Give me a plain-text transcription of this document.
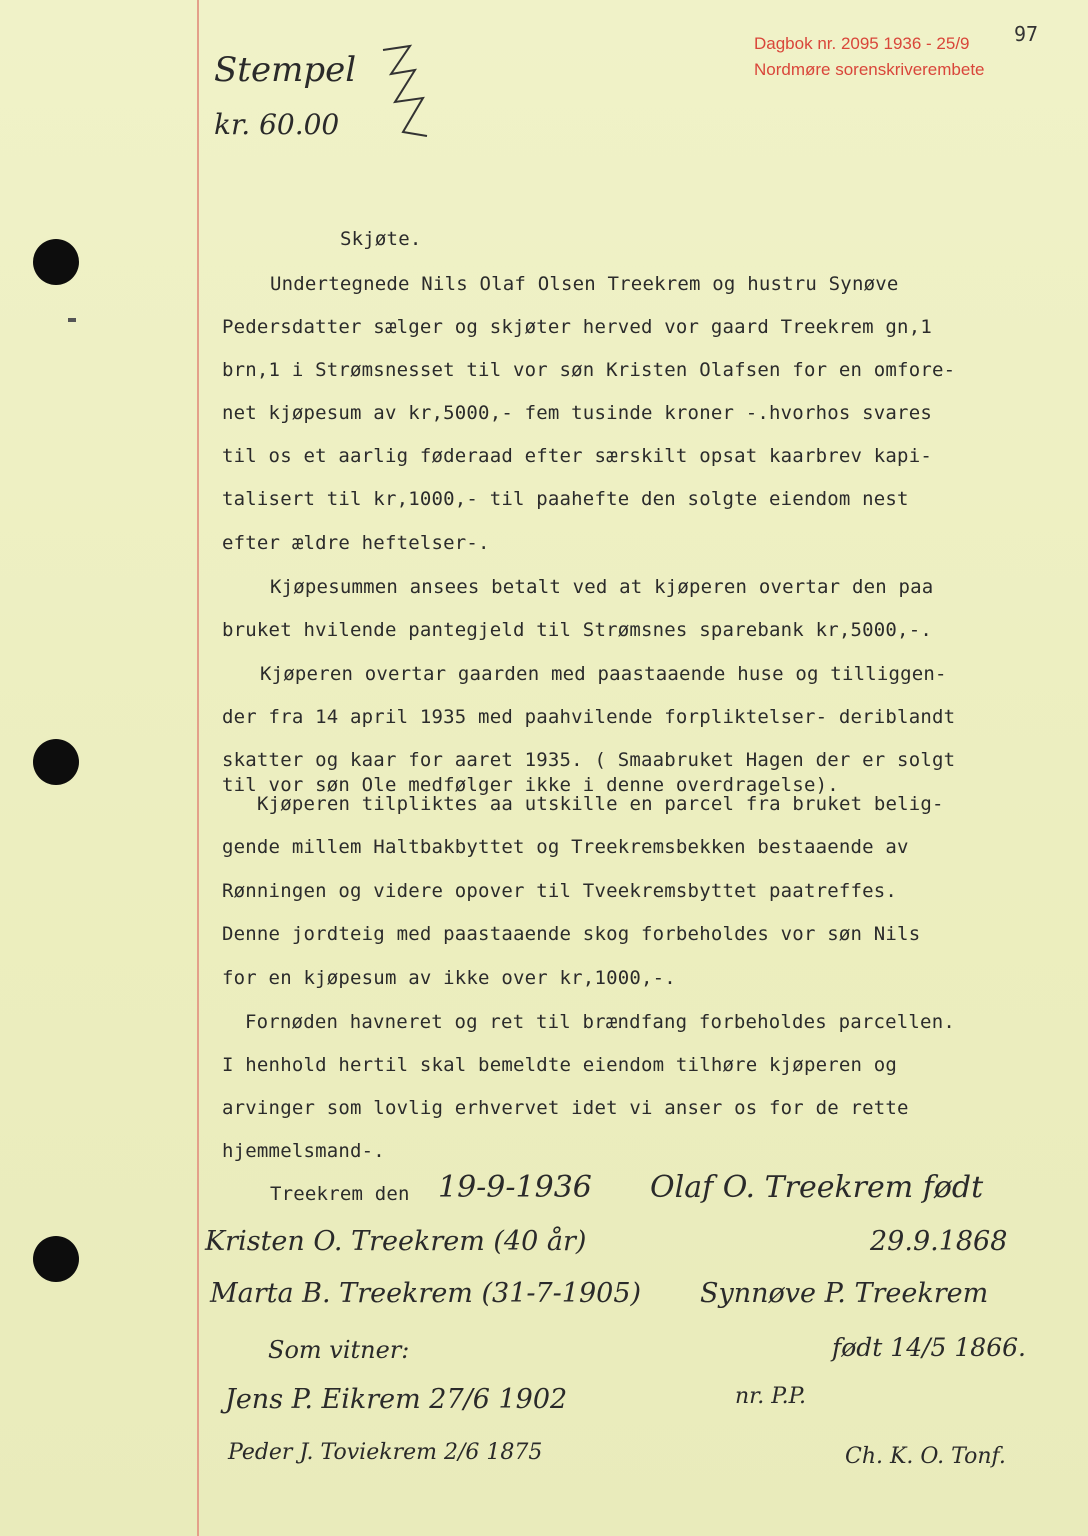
Dagbok nr. 2095 1936 - 25/9
Nordmøre sorenskriverembete
97
Stempel
kr. 60.00
Skjøte.
Undertegnede Nils Olaf Olsen Treekrem og hustru Synøve
Pedersdatter sælger og skjøter herved vor gaard Treekrem gn,1
brn,1 i Strømsnesset til vor søn Kristen Olafsen for en omfore-
net kjøpesum av kr,5000,- fem tusinde kroner -.hvorhos svares
til os et aarlig føderaad efter særskilt opsat kaarbrev kapi-
talisert til kr,1000,- til paahefte den solgte eiendom nest
efter ældre heftelser-.
Kjøpesummen ansees betalt ved at kjøperen overtar den paa
bruket hvilende pantegjeld til Strømsnes sparebank kr,5000,-.
Kjøperen overtar gaarden med paastaaende huse og tilliggen-
der fra 14 april 1935 med paahvilende forpliktelser- deriblandt
skatter og kaar for aaret 1935. ( Smaabruket Hagen der er solgt
til vor søn Ole medfølger ikke i denne overdragelse).
Kjøperen tilpliktes aa utskille en parcel fra bruket belig-
gende millem Haltbakbyttet og Treekremsbekken bestaaende av
Rønningen og videre opover til Tveekremsbyttet paatreffes.
Denne jordteig med paastaaende skog forbeholdes vor søn Nils
for en kjøpesum av ikke over kr,1000,-.
Fornøden havneret og ret til brændfang forbeholdes parcellen.
I henhold hertil skal bemeldte eiendom tilhøre kjøperen og
arvinger som lovlig erhvervet idet vi anser os for de rette
hjemmelsmand-.
Treekrem den 19-9-1936 Olaf O. Treekrem født
Kristen O. Treekrem (40 år)	29.9.1868
Marta B. Treekrem (31-7-1905) Synnøve P. Treekrem
født 14/5 1866.
Som vitner:
Jens P. Eikrem 27/6 1902	nr. P.P.
Peder J. Toviekrem 2/6 1875	Ch. K. O. Tonf.
